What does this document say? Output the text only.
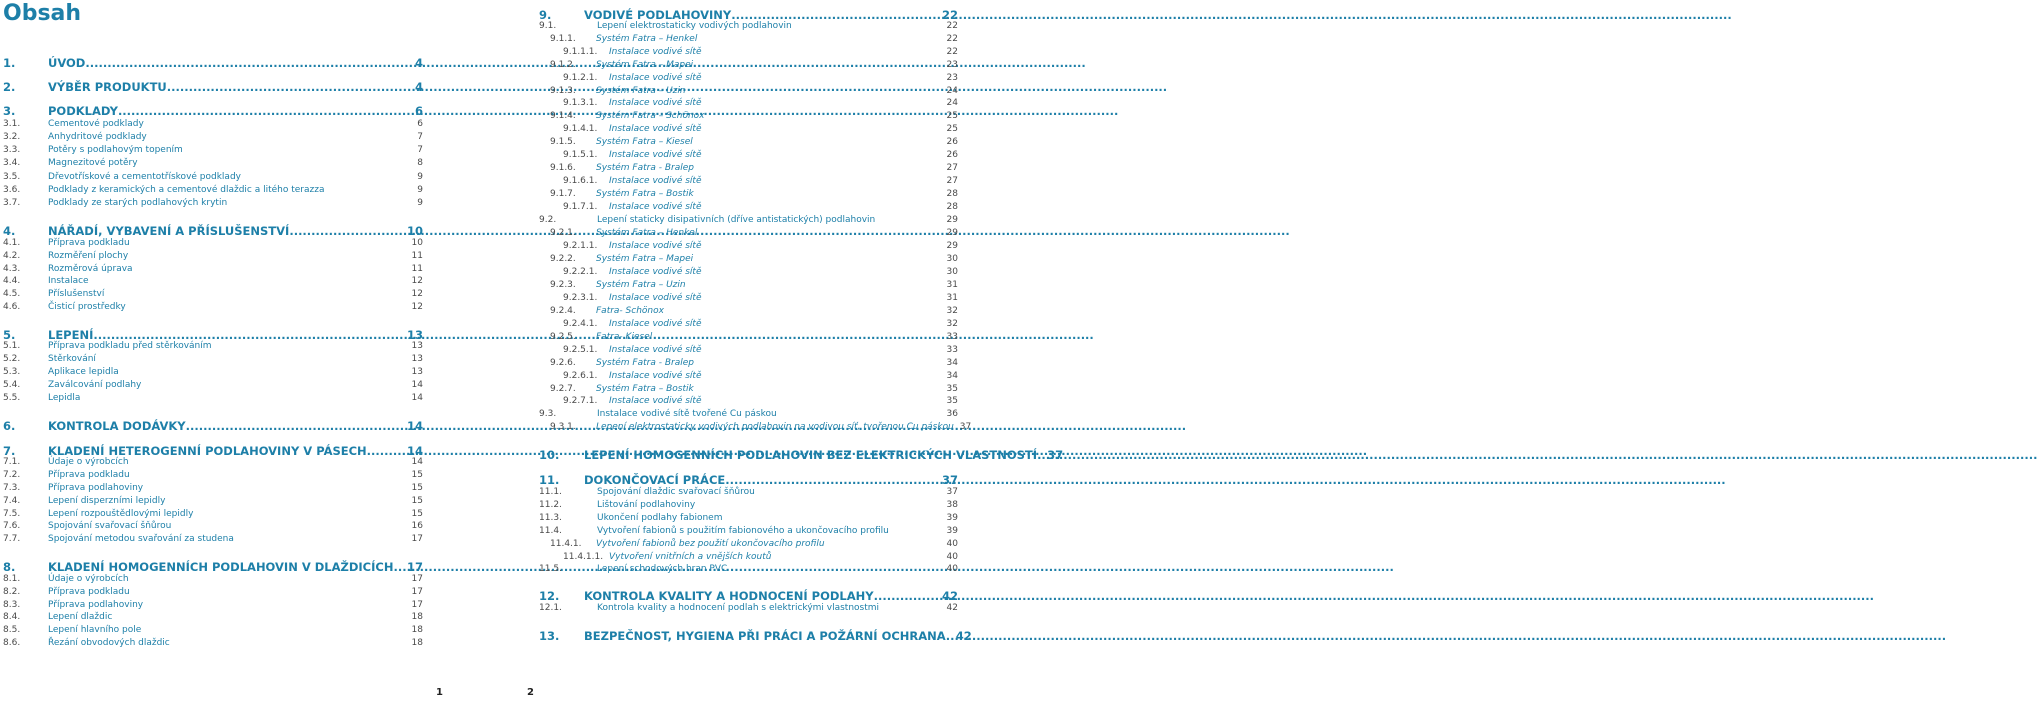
Obsah
1.	ÚVOD .....	4
2.	VÝBĚR PRODUKTU .....	4
3.	PODKLADY .....	6
3.1.	Cementové podklady	6
3.2.	Anhydritové podklady	7
3.3.	Potěry s podlahovým topením	7
3.4.	Magnezitové potěry	8
3.5.	Dřevotřískové a cementotřískové podklady	9
3.6.	Podklady z keramických a cementové dlaždic a litého terazza	9
3.7.	Podklady ze starých podlahových krytin	9
4.	NÁŘADÍ, VYBAVENÍ A PŘÍSLUŠENSTVÍ .....	10
4.1.	Příprava podkladu	10
4.2.	Rozměření plochy	11
4.3.	Rozměrová úprava	11
4.4.	Instalace	12
4.5.	Příslušenství	12
4.6.	Čisticí prostředky	12
5.	LEPENÍ .....	13
5.1.	Příprava podkladu před stěrkováním	13
5.2.	Stěrkování	13
5.3.	Aplikace lepidla	13
5.4.	Zaválcování podlahy	14
5.5.	Lepidla	14
6.	KONTROLA DODÁVKY .....	14
7.	KLADENÍ HETEROGENNÍ PODLAHOVINY V PÁSECH .....	14
7.1.	Údaje o výrobcích	14
7.2.	Příprava podkladu	15
7.3.	Příprava podlahoviny	15
7.4.	Lepení disperzními lepidly	15
7.5.	Lepení rozpouštědlovými lepidly	15
7.6.	Spojování svařovací šňůrou	16
7.7.	Spojování metodou svařování za studena	17
8.	KLADENÍ HOMOGENNÍCH PODLAHOVIN V DLAŽDICÍCH .....	17
8.1.	Údaje o výrobcích	17
8.2.	Příprava podkladu	17
8.3.	Příprava podlahoviny	17
8.4.	Lepení dlaždic	18
8.5.	Lepení hlavního pole	18
8.6.	Řezání obvodových dlaždic	18
9.	VODIVÉ PODLAHOVINY .....	22
9.1.	Lepení elektrostaticky vodivých podlahovin	22
9.1.1.	Systém Fatra – Henkel	22
9.1.1.1.	Instalace vodivé sítě	22
9.1.2.	Systém Fatra – Mapei	23
9.1.2.1.	Instalace vodivé sítě	23
9.1.3.	Systém Fatra – Uzin	24
9.1.3.1.	Instalace vodivé sítě	24
9.1.4.	Systém Fatra – Schönox	25
9.1.4.1.	Instalace vodivé sítě	25
9.1.5.	Systém Fatra – Kiesel	26
9.1.5.1.	Instalace vodivé sítě	26
9.1.6.	Systém Fatra - Bralep	27
9.1.6.1.	Instalace vodivé sítě	27
9.1.7.	Systém Fatra – Bostik	28
9.1.7.1.	Instalace vodivé sítě	28
9.2.	Lepení staticky disipativních (dříve antistatických) podlahovin	29
9.2.1.	Systém Fatra – Henkel	29
9.2.1.1.	Instalace vodivé sítě	29
9.2.2.	Systém Fatra – Mapei	30
9.2.2.1.	Instalace vodivé sítě	30
9.2.3.	Systém Fatra – Uzin	31
9.2.3.1.	Instalace vodivé sítě	31
9.2.4.	Fatra- Schönox	32
9.2.4.1.	Instalace vodivé sítě	32
9.2.5.	Fatra- Kiesel	33
9.2.5.1.	Instalace vodivé sítě	33
9.2.6.	Systém Fatra - Bralep	34
9.2.6.1.	Instalace vodivé sítě	34
9.2.7.	Systém Fatra – Bostik	35
9.2.7.1.	Instalace vodivé sítě	35
9.3.	Instalace vodivé sítě tvořené Cu páskou	36
9.3.1.	Lepení elektrostaticky vodivých podlahovin na vodivou síť, tvořenou Cu páskou 37
10.	LEPENÍ HOMOGENNÍCH PODLAHOVIN BEZ ELEKTRICKÝCH VLASTNOSTÍ ..... 37
11.	DOKONČOVACÍ PRÁCE .....	37
11.1.	Spojování dlaždic svařovací šňůrou	37
11.2.	Lištování podlahoviny	38
11.3.	Ukončení podlahy fabionem	39
11.4.	Vytvoření fabionů s použitím fabionového a ukončovacího profilu	39
11.4.1.	Vytvoření fabionů bez použití ukončovacího profilu	40
11.4.1.1. Vytvoření vnitřních a vnějších koutů	40
11.5.	Lepení schodových hran PVC	40
12.	KONTROLA KVALITY A HODNOCENÍ PODLAHY .....	42
12.1.	Kontrola kvality a hodnocení podlah s elektrickými vlastnostmi	42
13.	BEZPEČNOST, HYGIENA PŘI PRÁCI A POŽÁRNÍ OCHRANA ..... 42
1	2
